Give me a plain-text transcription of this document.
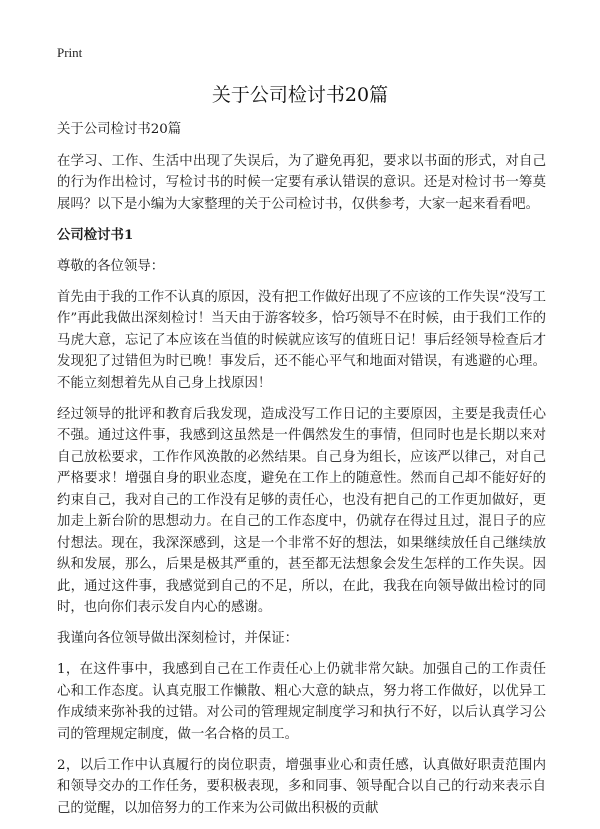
Print
关于公司检讨书20篇

关于公司检讨书20篇

在学习、工作、生活中出现了失误后，为了避免再犯，要求以书面的形式，对自己的行为作出检讨，写检讨书的时候一定要有承认错误的意识。还是对检讨书一筹莫展吗？以下是小编为大家整理的关于公司检讨书，仅供参考，大家一起来看看吧。

公司检讨书1

尊敬的各位领导：

首先由于我的工作不认真的原因，没有把工作做好出现了不应该的工作失误“没写工作”再此我做出深刻检讨！当天由于游客较多，恰巧领导不在时候，由于我们工作的马虎大意，忘记了本应该在当值的时候就应该写的值班日记！事后经领导检查后才发现犯了过错但为时已晚！事发后，还不能心平气和地面对错误，有逃避的心理。不能立刻想着先从自己身上找原因！

经过领导的批评和教育后我发现，造成没写工作日记的主要原因，主要是我责任心不强。通过这件事，我感到这虽然是一件偶然发生的事情，但同时也是长期以来对自己放松要求，工作作风涣散的必然结果。自己身为组长，应该严以律己，对自己严格要求！增强自身的职业态度，避免在工作上的随意性。然而自己却不能好好的约束自己，我对自己的工作没有足够的责任心，也没有把自己的工作更加做好，更加走上新台阶的思想动力。在自己的工作态度中，仍就存在得过且过，混日子的应付想法。现在，我深深感到，这是一个非常不好的想法，如果继续放任自己继续放纵和发展，那么，后果是极其严重的，甚至都无法想象会发生怎样的工作失误。因此，通过这件事，我感觉到自己的不足，所以，在此，我我在向领导做出检讨的同时，也向你们表示发自内心的感谢。

我谨向各位领导做出深刻检讨，并保证：

1，在这件事中，我感到自己在工作责任心上仍就非常欠缺。加强自己的工作责任心和工作态度。认真克服工作懒散、粗心大意的缺点，努力将工作做好，以优异工作成绩来弥补我的过错。对公司的管理规定制度学习和执行不好，以后认真学习公司的管理规定制度，做一名合格的员工。

2，以后工作中认真履行的岗位职责，增强事业心和责任感，认真做好职责范围内和领导交办的工作任务，要积极表现，多和同事、领导配合以自己的行动来表示自己的觉醒，以加倍努力的工作来为公司做出积极的贡献
